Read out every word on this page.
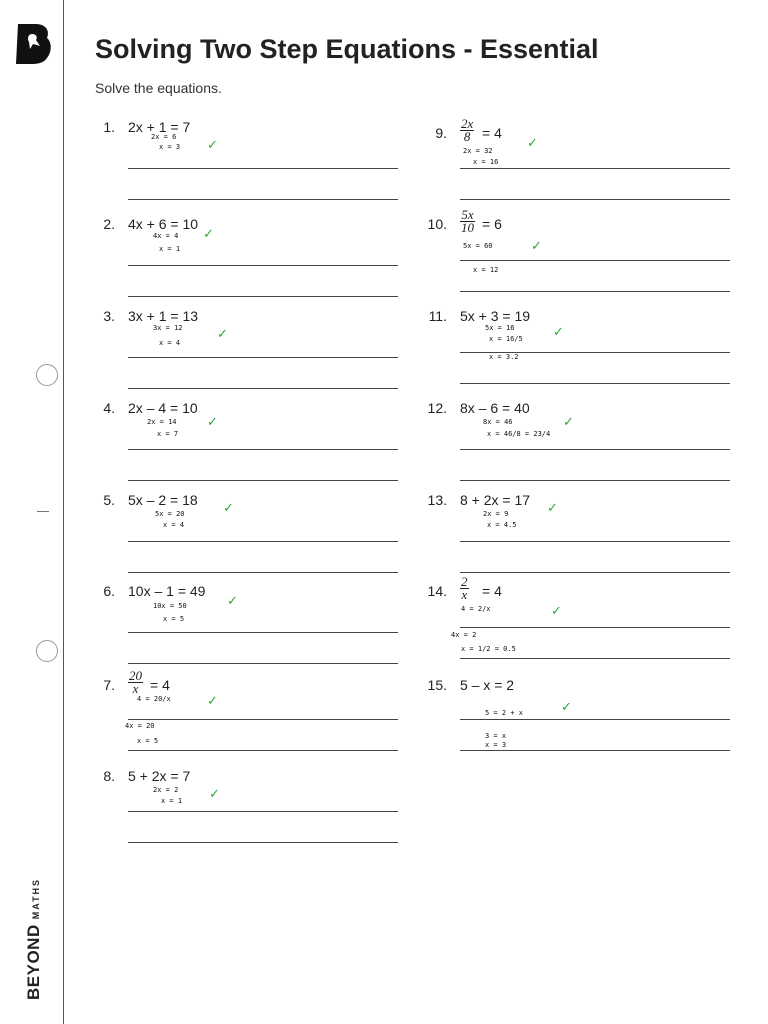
BEYONDMATHS
Solving Two Step Equations - Essential
Solve the equations.
1. 2x + 1 = 7
2x = 6
x = 3 ✓
2. 4x + 6 = 10
4x = 4
x = 1
✓
3. 3x + 1 = 13
3x = 12
x = 4
✓
4. 2x – 4 = 10
2x = 14
x = 7
✓
5. 5x – 2 = 18
5x = 20
x = 4
✓
6. 10x – 1 = 49
10x = 50
x = 5
✓
7. $\frac{20}{x} = 4$
4 = 20/x
4x = 20
x = 5
✓
8. 5 + 2x = 7
2x = 2
x = 1 ✓
9. $\frac{2x}{8} = 4$
2x = 32
x = 16
✓
10. $\frac{5x}{10} = 6$
5x = 60
x = 12
✓
11. 5x + 3 = 19
5x = 16
x = 16/5
x = 3.2
✓
12. 8x – 6 = 40
8x = 46
x = 46/8 = 23/4
✓
13. 8 + 2x = 17
2x = 9
x = 4.5
✓
14. $\frac{2}{x} = 4$
4 = 2/x
4x = 2
x = 1/2 = 0.5
✓
15. 5 – x = 2
5 = 2 + x
3 = x
x = 3
✓
